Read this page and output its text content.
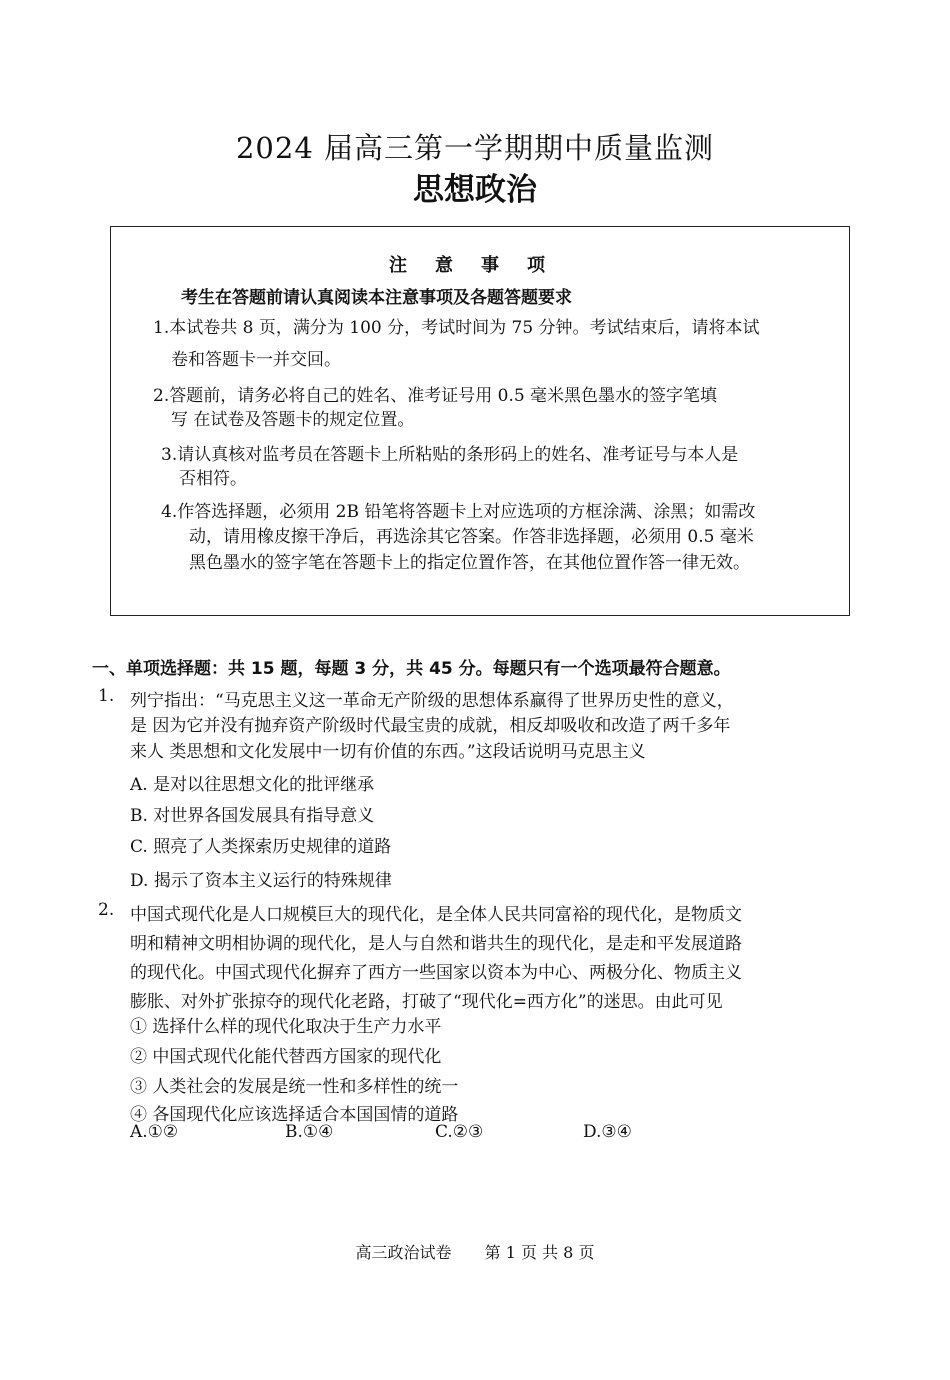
2024 届高三第一学期期中质量监测
思想政治
注意事项
考生在答题前请认真阅读本注意事项及各题答题要求
1.本试卷共 8 页，满分为 100 分，考试时间为 75 分钟。考试结束后，请将本试
卷和答题卡一并交回。
2.答题前，请务必将自己的姓名、准考证号用 0.5 毫米黑色墨水的签字笔填
写 在试卷及答题卡的规定位置。
3.请认真核对监考员在答题卡上所粘贴的条形码上的姓名、准考证号与本人是
否相符。
4.作答选择题，必须用 2B 铅笔将答题卡上对应选项的方框涂满、涂黑；如需改
动，请用橡皮擦干净后，再选涂其它答案。作答非选择题，必须用 0.5 毫米
黑色墨水的签字笔在答题卡上的指定位置作答，在其他位置作答一律无效。
一、单项选择题：共 15 题，每题 3 分，共 45 分。每题只有一个选项最符合题意。
1. 列宁指出：“马克思主义这一革命无产阶级的思想体系赢得了世界历史性的意义，
是 因为它并没有抛弃资产阶级时代最宝贵的成就，相反却吸收和改造了两千多年
来人 类思想和文化发展中一切有价值的东西。”这段话说明马克思主义
A. 是对以往思想文化的批评继承
B. 对世界各国发展具有指导意义
C. 照亮了人类探索历史规律的道路
D. 揭示了资本主义运行的特殊规律
2. 中国式现代化是人口规模巨大的现代化，是全体人民共同富裕的现代化，是物质文
明和精神文明相协调的现代化，是人与自然和谐共生的现代化，是走和平发展道路
的现代化。中国式现代化摒弃了西方一些国家以资本为中心、两极分化、物质主义
膨胀、对外扩张掠夺的现代化老路，打破了“现代化=西方化”的迷思。由此可见
① 选择什么样的现代化取决于生产力水平
② 中国式现代化能代替西方国家的现代化
③ 人类社会的发展是统一性和多样性的统一
④ 各国现代化应该选择适合本国国情的道路
A.①②	B.①④	C.②③	D.③④
高三政治试卷 第 1 页 共 8 页
